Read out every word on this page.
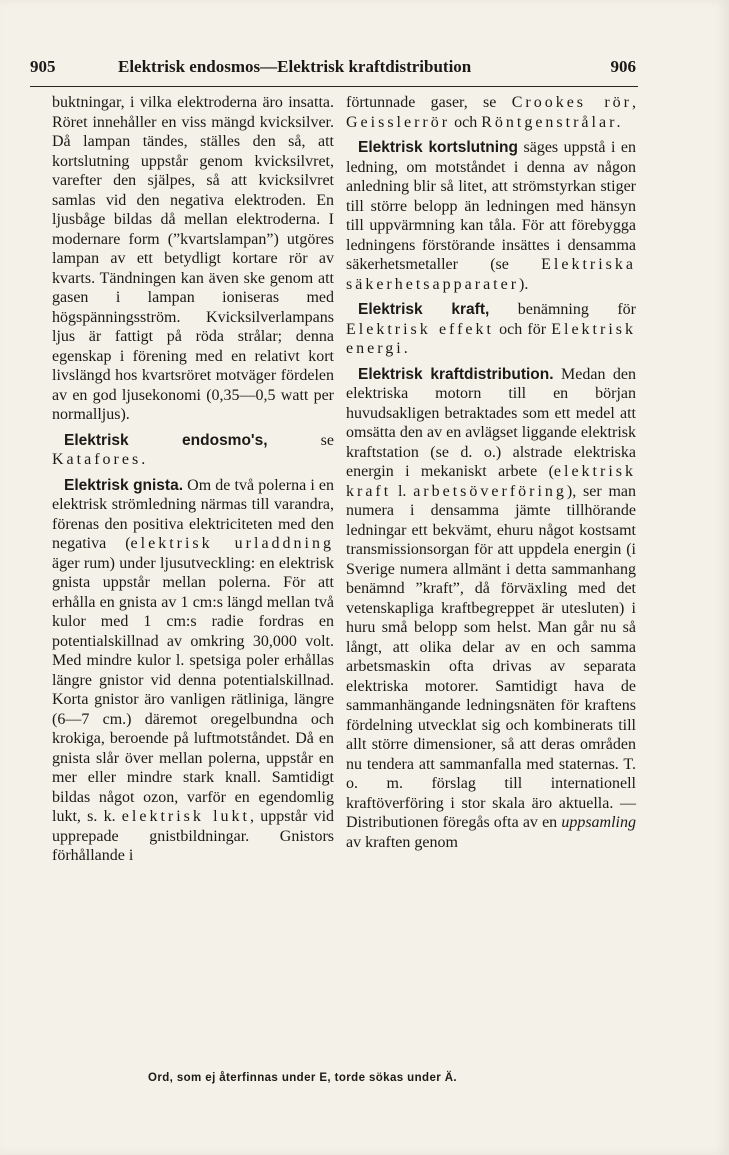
905	Elektrisk endosmos—Elektrisk kraftdistribution	906

buktningar, i vilka elektroderna äro insatta. Röret innehåller en viss mängd kvicksilver. Då lampan tändes, ställes den så, att kortslutning uppstår genom kvicksilvret, varefter den själpes, så att kvicksilvret samlas vid den negativa elektroden. En ljusbåge bildas då mellan elektroderna. I modernare form (”kvartslampan”) utgöres lampan av ett betydligt kortare rör av kvarts. Tändningen kan även ske genom att gasen i lampan ioniseras med högspänningsström. Kvicksilverlampans ljus är fattigt på röda strålar; denna egenskap i förening med en relativt kort livslängd hos kvartsröret motväger fördelen av en god ljusekonomi (0,35—0,5 watt per normalljus).

Elektrisk endosmo's, se Katafores.

Elektrisk gnista. Om de två polerna i en elektrisk strömledning närmas till varandra, förenas den positiva elektriciteten med den negativa (elektrisk urladdning äger rum) under ljusutveckling: en elektrisk gnista uppstår mellan polerna. För att erhålla en gnista av 1 cm:s längd mellan två kulor med 1 cm:s radie fordras en potentialskillnad av omkring 30,000 volt. Med mindre kulor l. spetsiga poler erhållas längre gnistor vid denna potentialskillnad. Korta gnistor äro vanligen rätliniga, längre (6—7 cm.) däremot oregelbundna och krokiga, beroende på luftmotståndet. Då en gnista slår över mellan polerna, uppstår en mer eller mindre stark knall. Samtidigt bildas något ozon, varför en egendomlig lukt, s. k. elektrisk lukt, uppstår vid upprepade gnistbildningar. Gnistors förhållande i

förtunnade gaser, se Crookes rör, Geisslerrör och Röntgenstrålar.

Elektrisk kortslutning säges uppstå i en ledning, om motståndet i denna av någon anledning blir så litet, att strömstyrkan stiger till större belopp än ledningen med hänsyn till uppvärmning kan tåla. För att förebygga ledningens förstörande insättes i densamma säkerhetsmetaller (se Elektriska säkerhetsapparater).

Elektrisk kraft, benämning för Elektrisk effekt och för Elektrisk energi.

Elektrisk kraftdistribution. Medan den elektriska motorn till en början huvudsakligen betraktades som ett medel att omsätta den av en avlägset liggande elektrisk kraftstation (se d. o.) alstrade elektriska energin i mekaniskt arbete (elektrisk kraft l. arbetsöverföring), ser man numera i densamma jämte tillhörande ledningar ett bekvämt, ehuru något kostsamt transmissionsorgan för att uppdela energin (i Sverige numera allmänt i detta sammanhang benämnd ”kraft”, då förväxling med det vetenskapliga kraftbegreppet är utesluten) i huru små belopp som helst. Man går nu så långt, att olika delar av en och samma arbetsmaskin ofta drivas av separata elektriska motorer. Samtidigt hava de sammanhängande ledningsnäten för kraftens fördelning utvecklat sig och kombinerats till allt större dimensioner, så att deras områden nu tendera att sammanfalla med staternas. T. o. m. förslag till internationell kraftöverföring i stor skala äro aktuella. — Distributionen föregås ofta av en uppsamling av kraften genom

Ord, som ej återfinnas under E, torde sökas under Ä.
